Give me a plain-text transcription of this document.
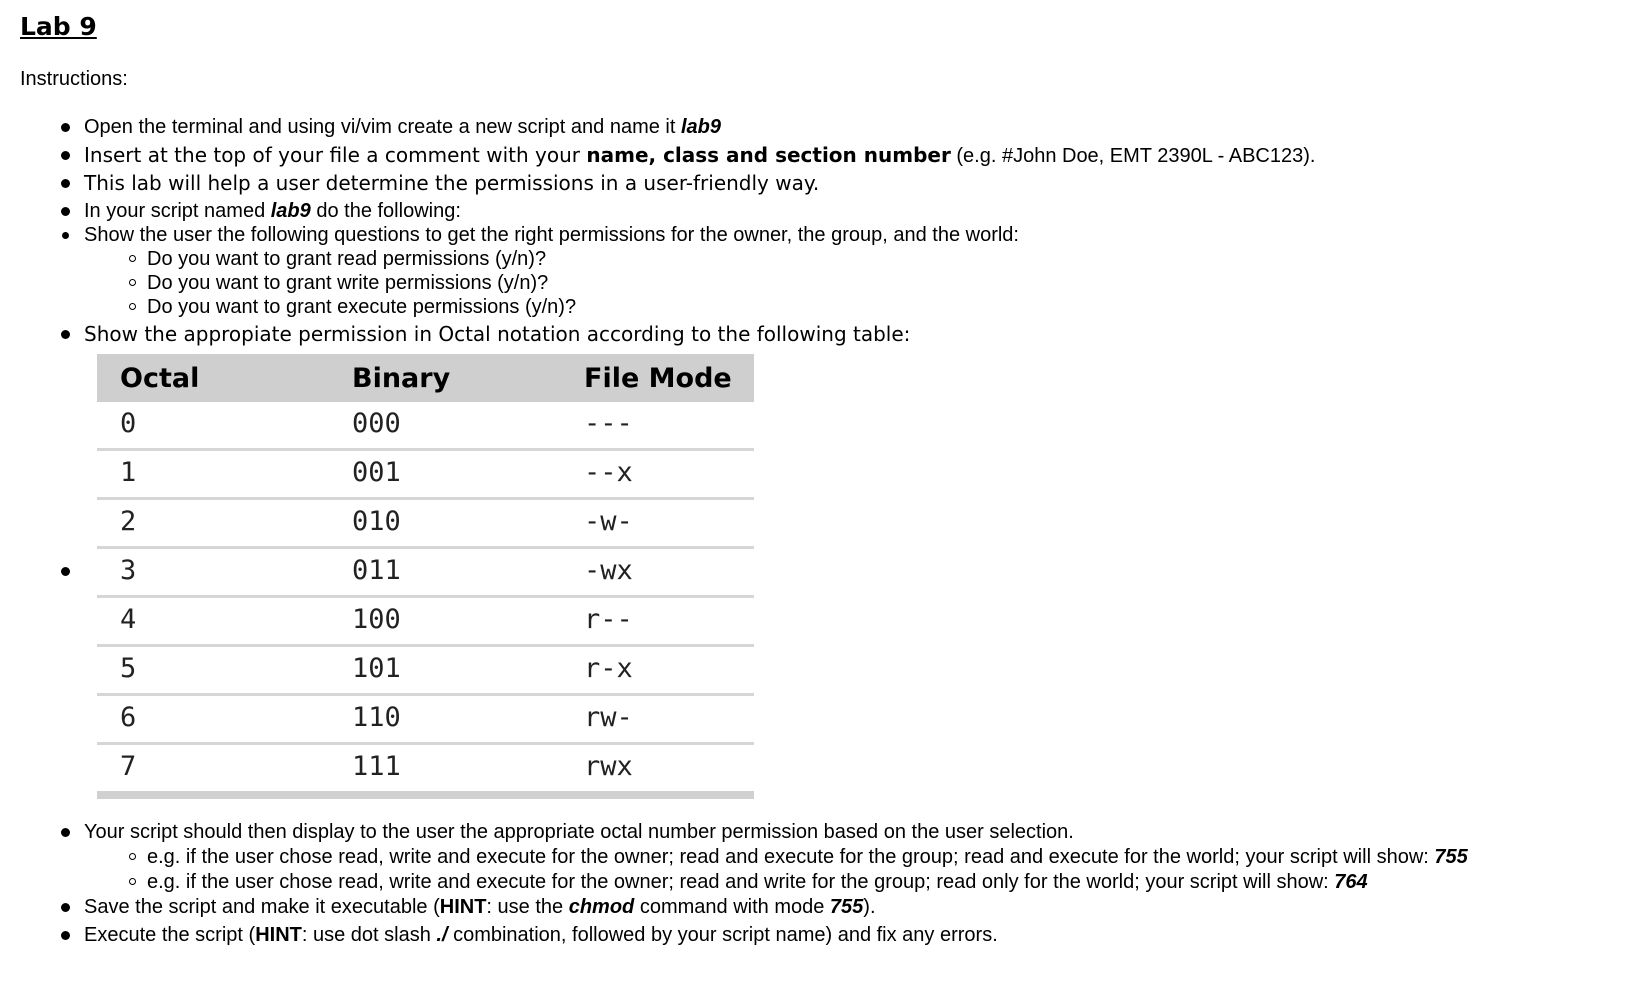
Lab 9
Instructions:
Open the terminal and using vi/vim create a new script and name it lab9
Insert at the top of your file a comment with your name, class and section number (e.g. #John Doe, EMT 2390L - ABC123).
This lab will help a user determine the permissions in a user-friendly way.
In your script named lab9 do the following:
Show the user the following questions to get the right permissions for the owner, the group, and the world:
Do you want to grant read permissions (y/n)?
Do you want to grant write permissions (y/n)?
Do you want to grant execute permissions (y/n)?
Show the appropiate permission in Octal notation according to the following table:
Octal	Binary	File Mode
0	000	---
1	001	--x
2	010	-w-
3	011	-wx
4	100	r--
5	101	r-x
6	110	rw-
7	111	rwx
Your script should then display to the user the appropriate octal number permission based on the user selection.
e.g. if the user chose read, write and execute for the owner; read and execute for the group; read and execute for the world; your script will show: 755
e.g. if the user chose read, write and execute for the owner; read and write for the group; read only for the world; your script will show: 764
Save the script and make it executable (HINT: use the chmod command with mode 755).
Execute the script (HINT: use dot slash ./ combination, followed by your script name) and fix any errors.
